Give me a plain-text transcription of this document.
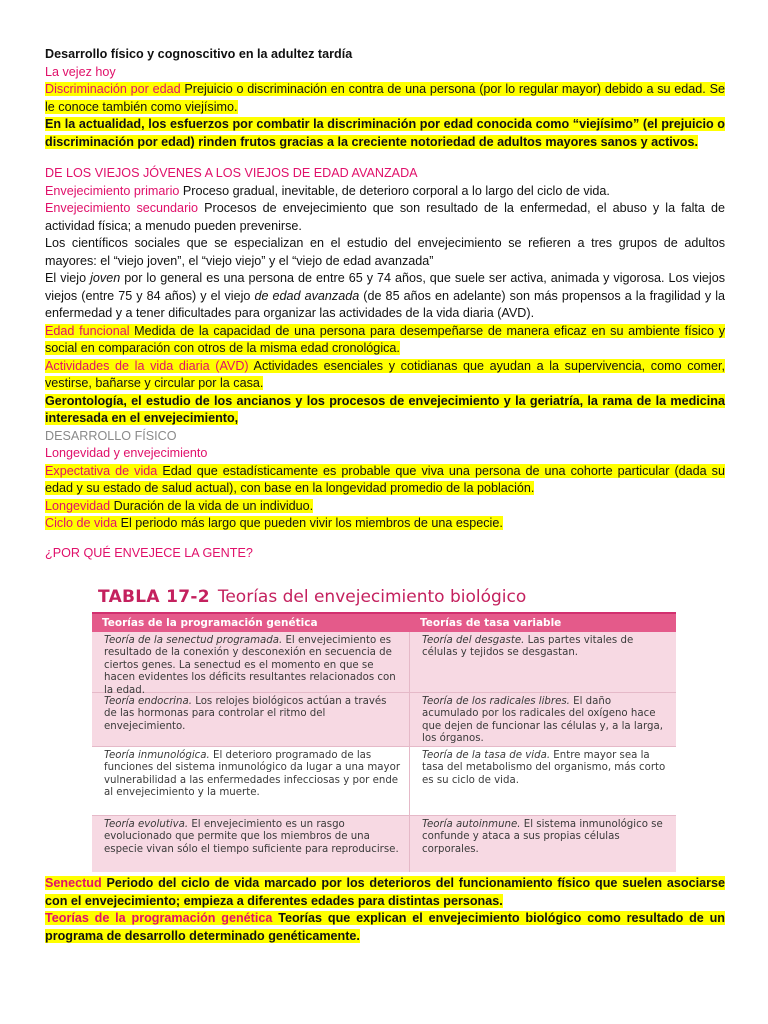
Desarrollo físico y cognoscitivo en la adultez tardía

La vejez hoy

Discriminación por edad Prejuicio o discriminación en contra de una persona (por lo regular mayor) debido a su edad. Se le conoce también como viejísimo.

En la actualidad, los esfuerzos por combatir la discriminación por edad conocida como “viejísimo” (el prejuicio o discriminación por edad) rinden frutos gracias a la creciente notoriedad de adultos mayores sanos y activos.

DE LOS VIEJOS JÓVENES A LOS VIEJOS DE EDAD AVANZADA

Envejecimiento primario Proceso gradual, inevitable, de deterioro corporal a lo largo del ciclo de vida.

Envejecimiento secundario Procesos de envejecimiento que son resultado de la enfermedad, el abuso y la falta de actividad física; a menudo pueden prevenirse.

Los científicos sociales que se especializan en el estudio del envejecimiento se refieren a tres grupos de adultos mayores: el “viejo joven”, el “viejo viejo” y el “viejo de edad avanzada”

El viejo joven por lo general es una persona de entre 65 y 74 años, que suele ser activa, animada y vigorosa. Los viejos viejos (entre 75 y 84 años) y el viejo de edad avanzada (de 85 años en adelante) son más propensos a la fragilidad y la enfermedad y a tener dificultades para organizar las actividades de la vida diaria (AVD).

Edad funcional Medida de la capacidad de una persona para desempeñarse de manera eficaz en su ambiente físico y social en comparación con otros de la misma edad cronológica.

Actividades de la vida diaria (AVD) Actividades esenciales y cotidianas que ayudan a la supervivencia, como comer, vestirse, bañarse y circular por la casa.

Gerontología, el estudio de los ancianos y los procesos de envejecimiento y la geriatría, la rama de la medicina interesada en el envejecimiento,

DESARROLLO FÍSICO

Longevidad y envejecimiento

Expectativa de vida Edad que estadísticamente es probable que viva una persona de una cohorte particular (dada su edad y su estado de salud actual), con base en la longevidad promedio de la población.

Longevidad Duración de la vida de un individuo.

Ciclo de vida El periodo más largo que pueden vivir los miembros de una especie.

¿POR QUÉ ENVEJECE LA GENTE?

TABLA 17-2 Teorías del envejecimiento biológico
Teorías de la programación genética	Teorías de tasa variable
Teoría de la senectud programada. El envejecimiento es resultado de la conexión y desconexión en secuencia de ciertos genes. La senectud es el momento en que se hacen evidentes los déficits resultantes relacionados con la edad.
Teoría del desgaste. Las partes vitales de células y tejidos se desgastan.
Teoría endocrina. Los relojes biológicos actúan a través de las hormonas para controlar el ritmo del envejecimiento.
Teoría de los radicales libres. El daño acumulado por los radicales del oxígeno hace que dejen de funcionar las células y, a la larga, los órganos.
Teoría inmunológica. El deterioro programado de las funciones del sistema inmunológico da lugar a una mayor vulnerabilidad a las enfermedades infecciosas y por ende al envejecimiento y la muerte.
Teoría de la tasa de vida. Entre mayor sea la tasa del metabolismo del organismo, más corto es su ciclo de vida.
Teoría evolutiva. El envejecimiento es un rasgo evolucionado que permite que los miembros de una especie vivan sólo el tiempo suficiente para reproducirse.
Teoría autoinmune. El sistema inmunológico se confunde y ataca a sus propias células corporales.

Senectud Periodo del ciclo de vida marcado por los deterioros del funcionamiento físico que suelen asociarse con el envejecimiento; empieza a diferentes edades para distintas personas.

Teorías de la programación genética Teorías que explican el envejecimiento biológico como resultado de un programa de desarrollo determinado genéticamente.
